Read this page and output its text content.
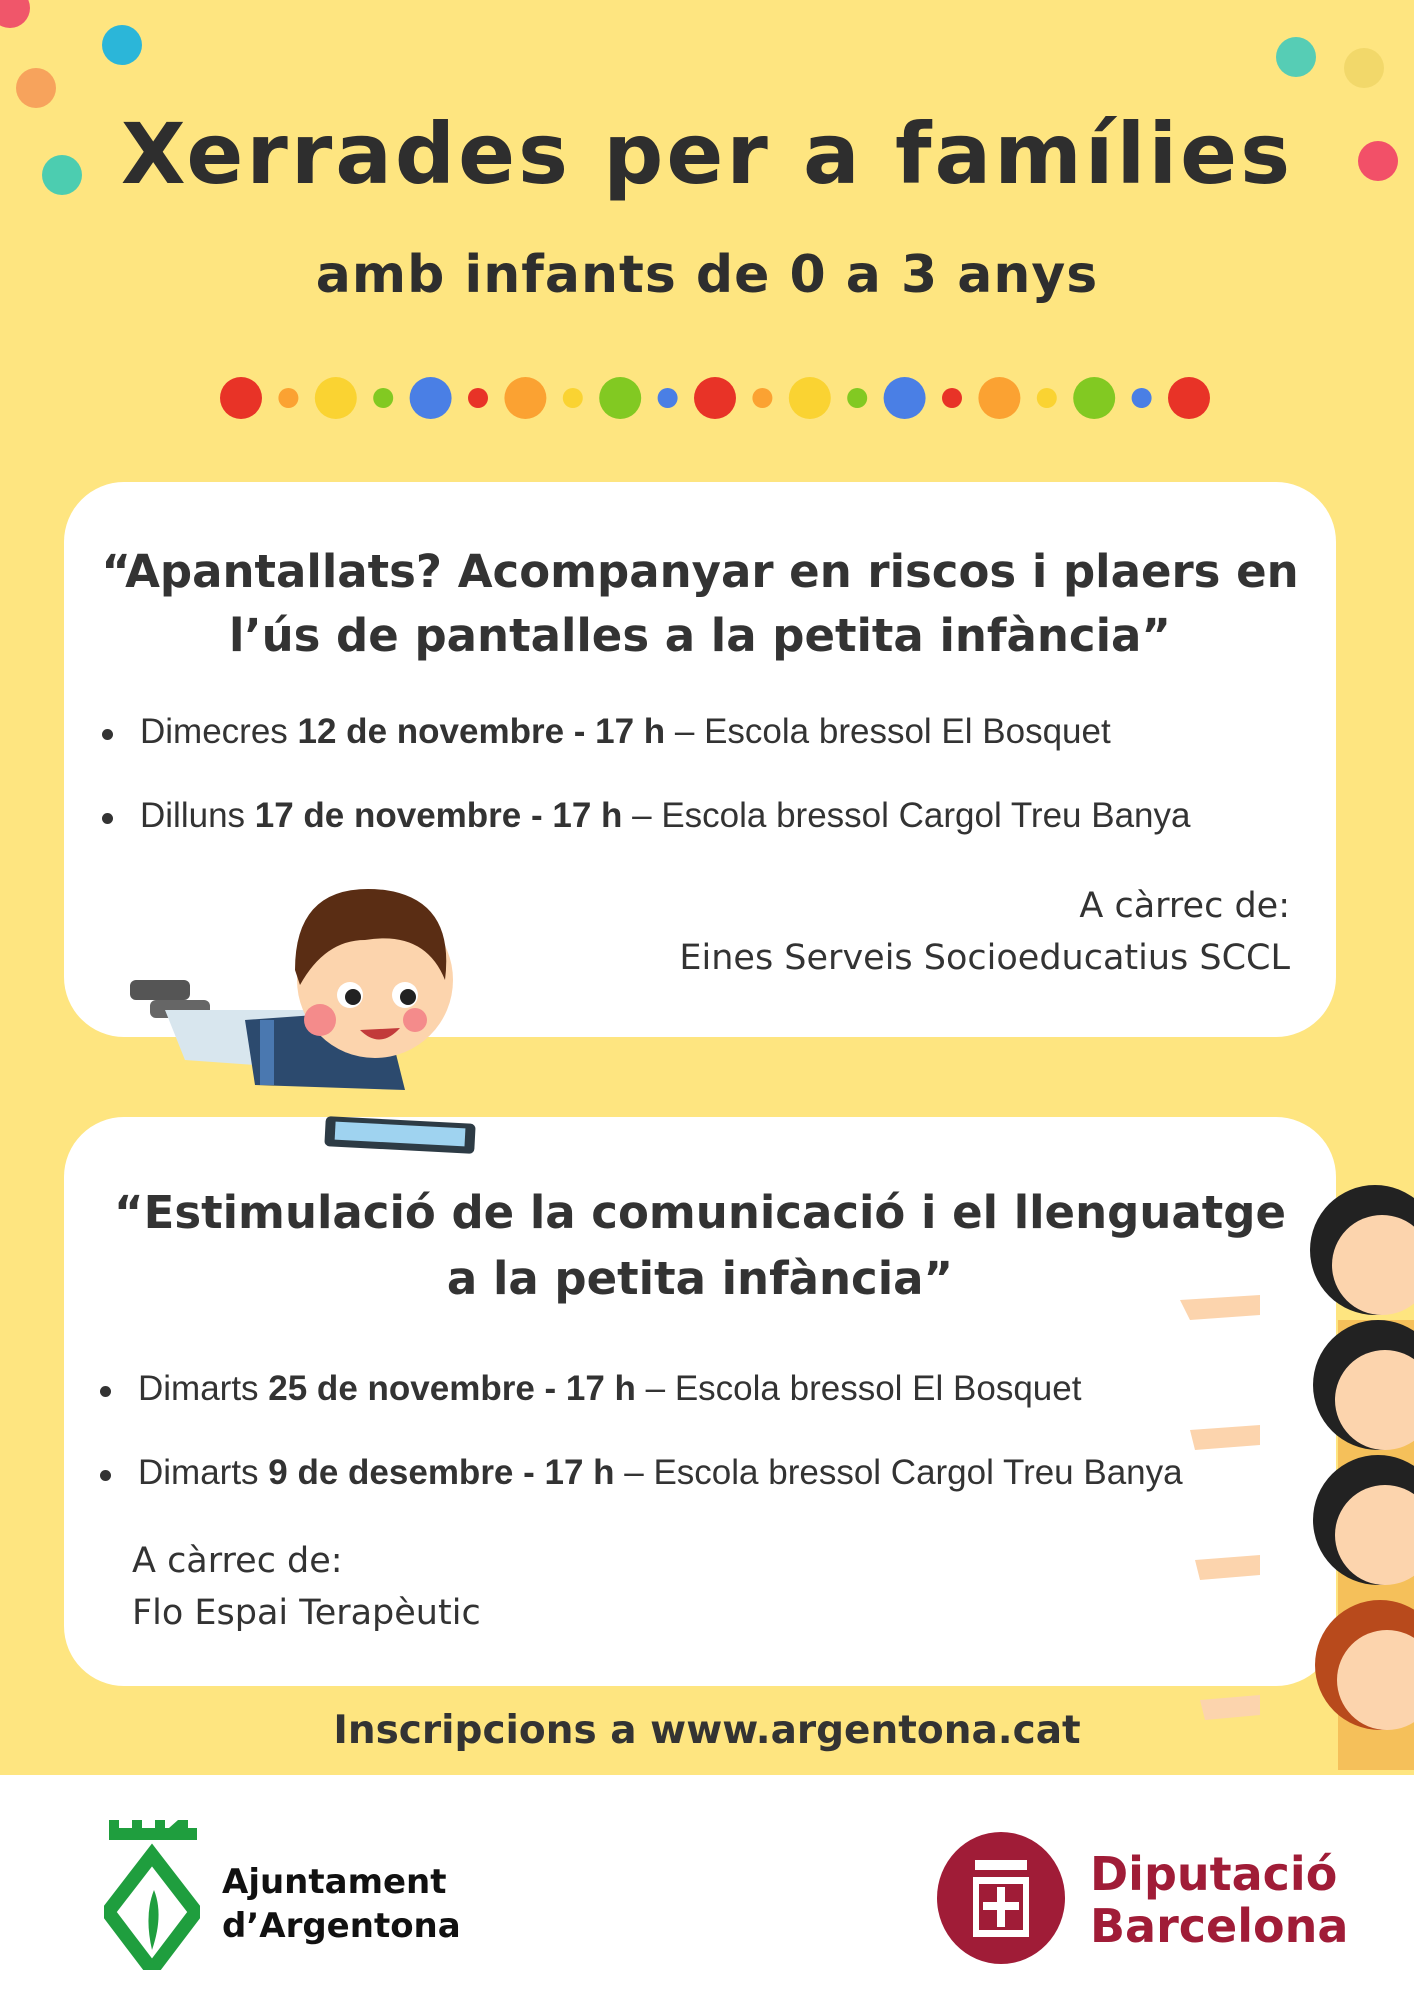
Xerrades per a famílies
amb infants de 0 a 3 anys
“Apantallats? Acompanyar en riscos i plaers en
l’ús de pantalles a la petita infància”
Dimecres 12 de novembre - 17 h – Escola bressol El Bosquet
Dilluns 17 de novembre - 17 h – Escola bressol Cargol Treu Banya
A càrrec de:
Eines Serveis Socioeducatius SCCL
“Estimulació de la comunicació i el llenguatge
a la petita infància”
Dimarts 25 de novembre - 17 h – Escola bressol El Bosquet
Dimarts 9 de desembre - 17 h – Escola bressol Cargol Treu Banya
A càrrec de:
Flo Espai Terapèutic
Inscripcions a www.argentona.cat
Ajuntament
d’Argentona
Diputació
Barcelona
